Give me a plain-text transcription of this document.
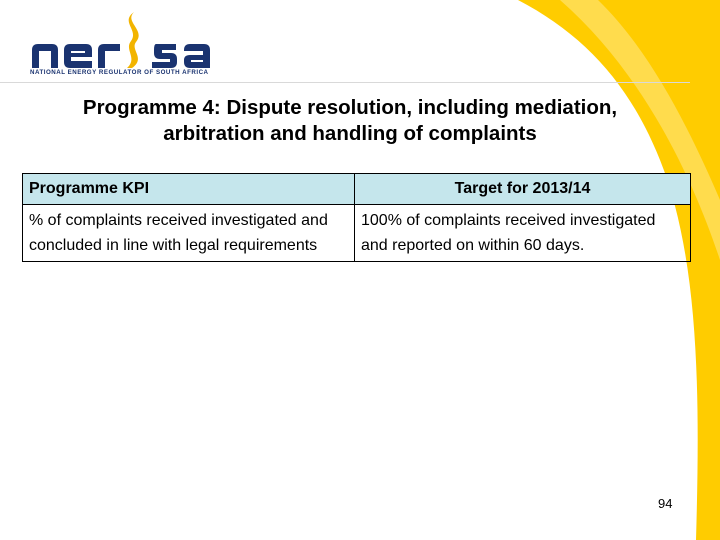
NATIONAL ENERGY REGULATOR OF SOUTH AFRICA
Programme 4: Dispute resolution, including mediation, arbitration and handling of complaints
Programme KPI	Target for 2013/14
% of complaints received investigated and concluded in line with legal requirements	100% of complaints received investigated and reported on within 60 days.
94
